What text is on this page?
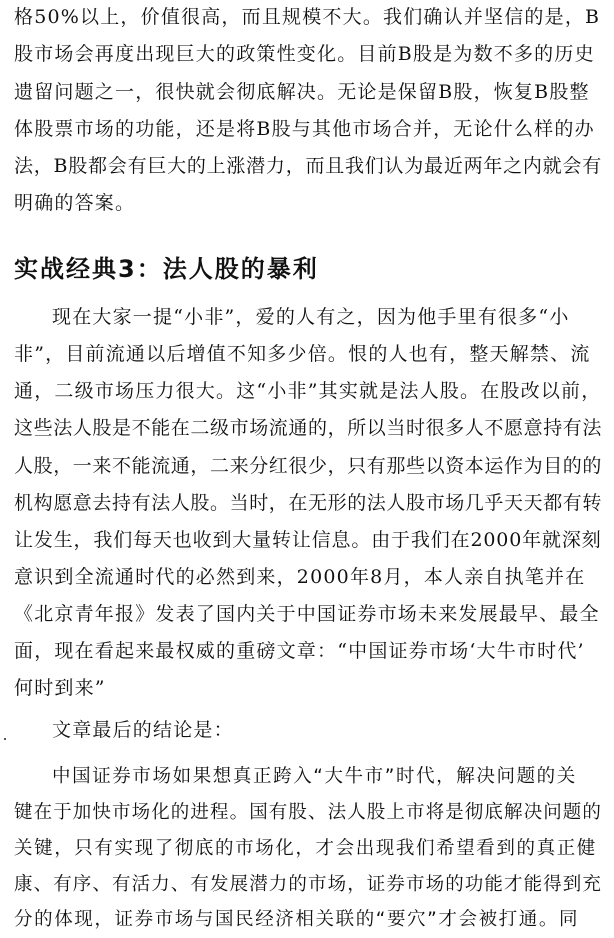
格50%以上，价值很高，而且规模不大。我们确认并坚信的是，B
股市场会再度出现巨大的政策性变化。目前B股是为数不多的历史
遗留问题之一，很快就会彻底解决。无论是保留B股，恢复B股整
体股票市场的功能，还是将B股与其他市场合并，无论什么样的办
法，B股都会有巨大的上涨潜力，而且我们认为最近两年之内就会有
明确的答案。
实战经典3：法人股的暴利
现在大家一提“小非”，爱的人有之，因为他手里有很多“小
非”，目前流通以后增值不知多少倍。恨的人也有，整天解禁、流
通，二级市场压力很大。这“小非”其实就是法人股。在股改以前，
这些法人股是不能在二级市场流通的，所以当时很多人不愿意持有法
人股，一来不能流通，二来分红很少，只有那些以资本运作为目的的
机构愿意去持有法人股。当时，在无形的法人股市场几乎天天都有转
让发生，我们每天也收到大量转让信息。由于我们在2000年就深刻
意识到全流通时代的必然到来，2000年8月，本人亲自执笔并在
《北京青年报》发表了国内关于中国证券市场未来发展最早、最全
面，现在看起来最权威的重磅文章：“中国证券市场‘大牛市时代’
何时到来”
文章最后的结论是：
中国证券市场如果想真正跨入“大牛市”时代，解决问题的关
键在于加快市场化的进程。国有股、法人股上市将是彻底解决问题的
关键，只有实现了彻底的市场化，才会出现我们希望看到的真正健
康、有序、有活力、有发展潜力的市场，证券市场的功能才能得到充
分的体现，证券市场与国民经济相关联的“要穴”才会被打通。同
